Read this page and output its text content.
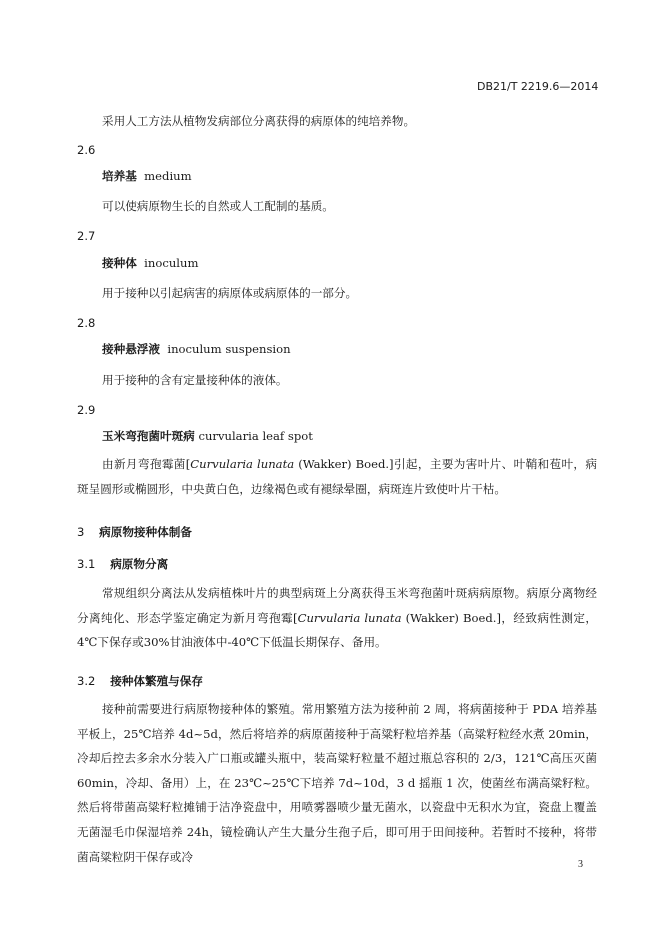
DB21/T 2219.6—2014
采用人工方法从植物发病部位分离获得的病原体的纯培养物。
2.6
培养基 medium
可以使病原物生长的自然或人工配制的基质。
2.7
接种体 inoculum
用于接种以引起病害的病原体或病原体的一部分。
2.8
接种悬浮液 inoculum suspension
用于接种的含有定量接种体的液体。
2.9
玉米弯孢菌叶斑病 curvularia leaf spot
由新月弯孢霉菌[Curvularia lunata (Wakker) Boed.]引起，主要为害叶片、叶鞘和苞叶，病斑呈圆形或椭圆形，中央黄白色，边缘褐色或有褪绿晕圈，病斑连片致使叶片干枯。
3 病原物接种体制备
3.1 病原物分离
常规组织分离法从发病植株叶片的典型病斑上分离获得玉米弯孢菌叶斑病病原物。病原分离物经分离纯化、形态学鉴定确定为新月弯孢霉[Curvularia lunata (Wakker) Boed.]，经致病性测定，4℃下保存或30%甘油液体中-40℃下低温长期保存、备用。
3.2 接种体繁殖与保存
接种前需要进行病原物接种体的繁殖。常用繁殖方法为接种前 2 周，将病菌接种于 PDA 培养基平板上，25℃培养 4d~5d，然后将培养的病原菌接种于高粱籽粒培养基（高粱籽粒经水煮 20min，冷却后控去多余水分装入广口瓶或罐头瓶中，装高粱籽粒量不超过瓶总容积的 2/3，121℃高压灭菌 60min，冷却、备用）上，在 23℃~25℃下培养 7d~10d，3 d 摇瓶 1 次，使菌丝布满高粱籽粒。然后将带菌高粱籽粒摊铺于洁净瓷盘中，用喷雾器喷少量无菌水，以瓷盘中无积水为宜，瓷盘上覆盖无菌湿毛巾保湿培养 24h，镜检确认产生大量分生孢子后，即可用于田间接种。若暂时不接种，将带菌高粱粒阴干保存或冷
3
